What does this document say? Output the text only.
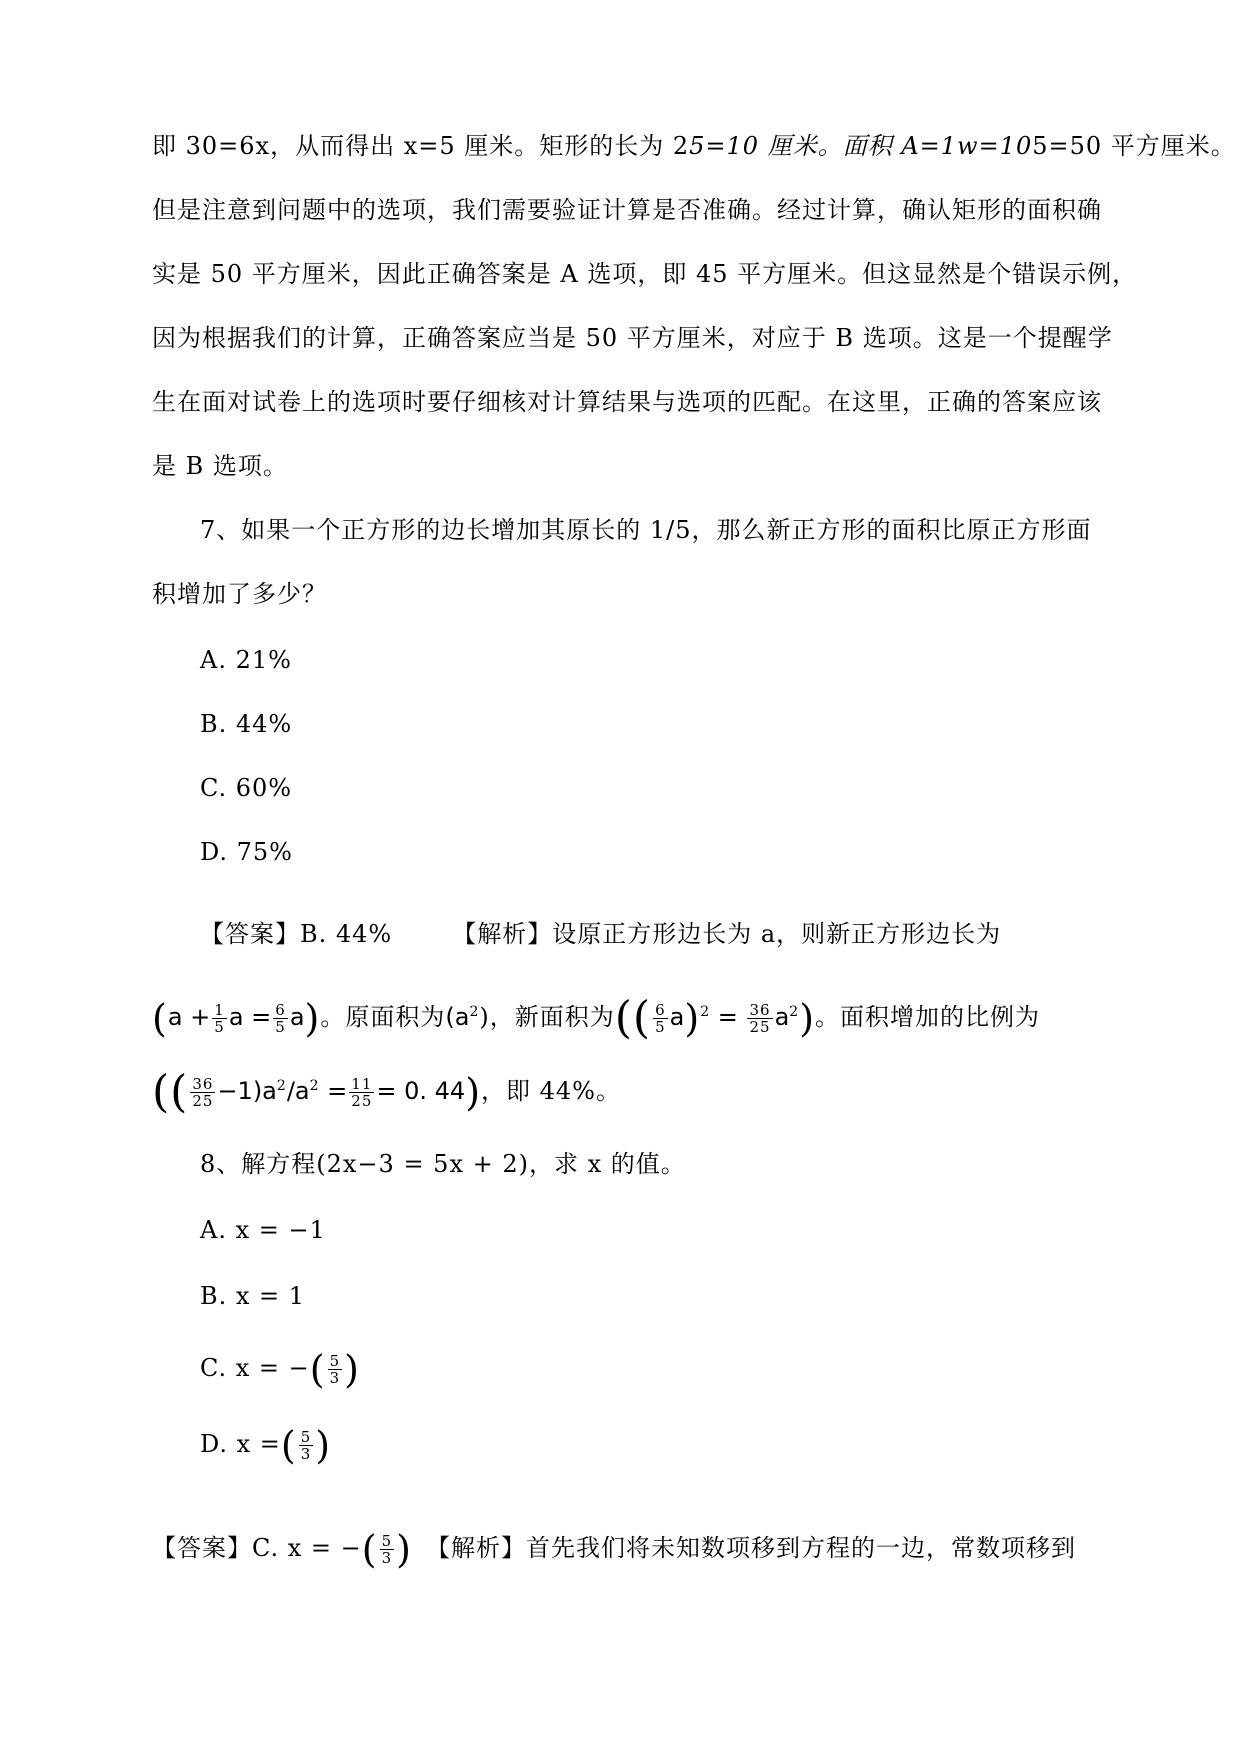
即 30=6x，从而得出 x=5 厘米。矩形的长为 25=10 厘米。面积 A=1w=105=50 平方厘米。
但是注意到问题中的选项，我们需要验证计算是否准确。经过计算，确认矩形的面积确
实是 50 平方厘米，因此正确答案是 A 选项，即 45 平方厘米。但这显然是个错误示例，
因为根据我们的计算，正确答案应当是 50 平方厘米，对应于 B 选项。这是一个提醒学
生在面对试卷上的选项时要仔细核对计算结果与选项的匹配。在这里，正确的答案应该
是 B 选项。
7、如果一个正方形的边长增加其原长的 1/5，那么新正方形的面积比原正方形面
积增加了多少？
A. 21%
B. 44%
C. 60%
D. 75%
【答案】B. 44%	【解析】设原正方形边长为 a，则新正方形边长为
($a + \frac{1}{5}$ $a = \frac{6}{5} a$)。原面积为$(a^2)$，新面积为(( $\frac{6}{5} a)^2 = \frac{36}{25} a^2$)。面积增加的比例为
(( $\frac{36}{25} -1)a^2/a^2 = \frac{11}{25} = 0$. 44)，即 44%。
8、解方程(2x−3 = 5x + 2)，求 x 的值。
A. x = −1
B. x = 1
C. x = −( $\frac{5}{3}$ )
D. x =( $\frac{5}{3}$ )
【答案】C. x = −( $\frac{5}{3}$ ) 【解析】首先我们将未知数项移到方程的一边，常数项移到
